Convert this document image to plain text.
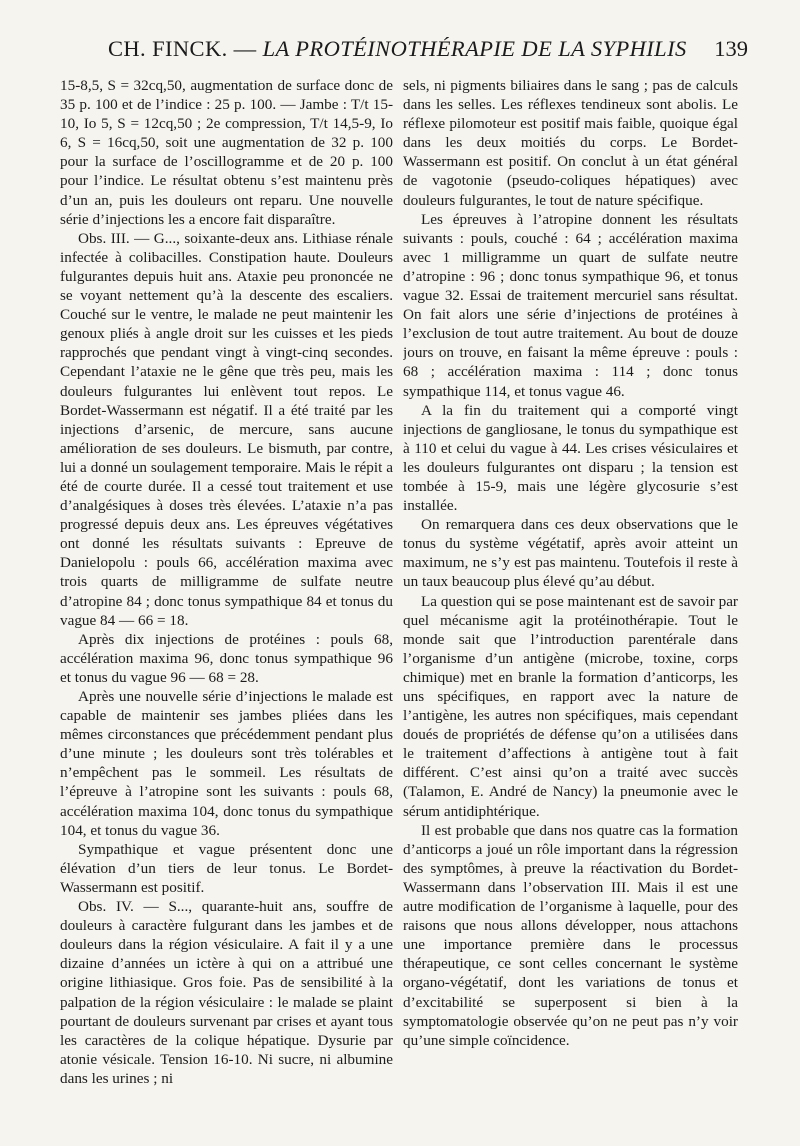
CH. FINCK. — LA PROTÉINOTHÉRAPIE DE LA SYPHILIS 139

15-8,5, S = 32cq,50, augmentation de surface donc de 35 p. 100 et de l’indice : 25 p. 100. — Jambe : T/t 15-10, Io 5, S = 12cq,50 ; 2e compression, T/t 14,5-9, Io 6, S = 16cq,50, soit une augmentation de 32 p. 100 pour la surface de l’oscillogramme et de 20 p. 100 pour l’indice. Le résultat obtenu s’est maintenu près d’un an, puis les douleurs ont reparu. Une nouvelle série d’injections les a encore fait disparaître.

Obs. III. — G..., soixante-deux ans. Lithiase rénale infectée à colibacilles. Constipation haute. Douleurs fulgurantes depuis huit ans. Ataxie peu prononcée ne se voyant nettement qu’à la descente des escaliers. Couché sur le ventre, le malade ne peut maintenir les genoux pliés à angle droit sur les cuisses et les pieds rapprochés que pendant vingt à vingt-cinq secondes. Cependant l’ataxie ne le gêne que très peu, mais les douleurs fulgurantes lui enlèvent tout repos. Le Bordet-Wassermann est négatif. Il a été traité par les injections d’arsenic, de mercure, sans aucune amélioration de ses douleurs. Le bismuth, par contre, lui a donné un soulagement temporaire. Mais le répit a été de courte durée. Il a cessé tout traitement et use d’analgésiques à doses très élevées. L’ataxie n’a pas progressé depuis deux ans. Les épreuves végétatives ont donné les résultats suivants : Epreuve de Danielopolu : pouls 66, accélération maxima avec trois quarts de milligramme de sulfate neutre d’atropine 84 ; donc tonus sympathique 84 et tonus du vague 84 — 66 = 18.

Après dix injections de protéines : pouls 68, accélération maxima 96, donc tonus sympathique 96 et tonus du vague 96 — 68 = 28.

Après une nouvelle série d’injections le malade est capable de maintenir ses jambes pliées dans les mêmes circonstances que précédemment pendant plus d’une minute ; les douleurs sont très tolérables et n’empêchent pas le sommeil. Les résultats de l’épreuve à l’atropine sont les suivants : pouls 68, accélération maxima 104, donc tonus du sympathique 104, et tonus du vague 36.

Sympathique et vague présentent donc une élévation d’un tiers de leur tonus. Le Bordet-Wassermann est positif.

Obs. IV. — S..., quarante-huit ans, souffre de douleurs à caractère fulgurant dans les jambes et de douleurs dans la région vésiculaire. A fait il y a une dizaine d’années un ictère à qui on a attribué une origine lithiasique. Gros foie. Pas de sensibilité à la palpation de la région vésiculaire : le malade se plaint pourtant de douleurs survenant par crises et ayant tous les caractères de la colique hépatique. Dysurie par atonie vésicale. Tension 16-10. Ni sucre, ni albumine dans les urines ; ni

sels, ni pigments biliaires dans le sang ; pas de calculs dans les selles. Les réflexes tendineux sont abolis. Le réflexe pilomoteur est positif mais faible, quoique égal dans les deux moitiés du corps. Le Bordet-Wassermann est positif. On conclut à un état général de vagotonie (pseudo-coliques hépatiques) avec douleurs fulgurantes, le tout de nature spécifique.

Les épreuves à l’atropine donnent les résultats suivants : pouls, couché : 64 ; accélération maxima avec 1 milligramme un quart de sulfate neutre d’atropine : 96 ; donc tonus sympathique 96, et tonus vague 32. Essai de traitement mercuriel sans résultat. On fait alors une série d’injections de protéines à l’exclusion de tout autre traitement. Au bout de douze jours on trouve, en faisant la même épreuve : pouls : 68 ; accélération maxima : 114 ; donc tonus sympathique 114, et tonus vague 46.

A la fin du traitement qui a comporté vingt injections de gangliosane, le tonus du sympathique est à 110 et celui du vague à 44. Les crises vésiculaires et les douleurs fulgurantes ont disparu ; la tension est tombée à 15-9, mais une légère glycosurie s’est installée.

On remarquera dans ces deux observations que le tonus du système végétatif, après avoir atteint un maximum, ne s’y est pas maintenu. Toutefois il reste à un taux beaucoup plus élevé qu’au début.

La question qui se pose maintenant est de savoir par quel mécanisme agit la protéinothérapie. Tout le monde sait que l’introduction parentérale dans l’organisme d’un antigène (microbe, toxine, corps chimique) met en branle la formation d’anticorps, les uns spécifiques, en rapport avec la nature de l’antigène, les autres non spécifiques, mais cependant doués de propriétés de défense qu’on a utilisées dans le traitement d’affections à antigène tout à fait différent. C’est ainsi qu’on a traité avec succès (Talamon, E. André de Nancy) la pneumonie avec le sérum antidiphtérique.

Il est probable que dans nos quatre cas la formation d’anticorps a joué un rôle important dans la régression des symptômes, à preuve la réactivation du Bordet-Wassermann dans l’observation III. Mais il est une autre modification de l’organisme à laquelle, pour des raisons que nous allons développer, nous attachons une importance première dans le processus thérapeutique, ce sont celles concernant le système organo-végétatif, dont les variations de tonus et d’excitabilité se superposent si bien à la symptomatologie observée qu’on ne peut pas n’y voir qu’une simple coïncidence.
